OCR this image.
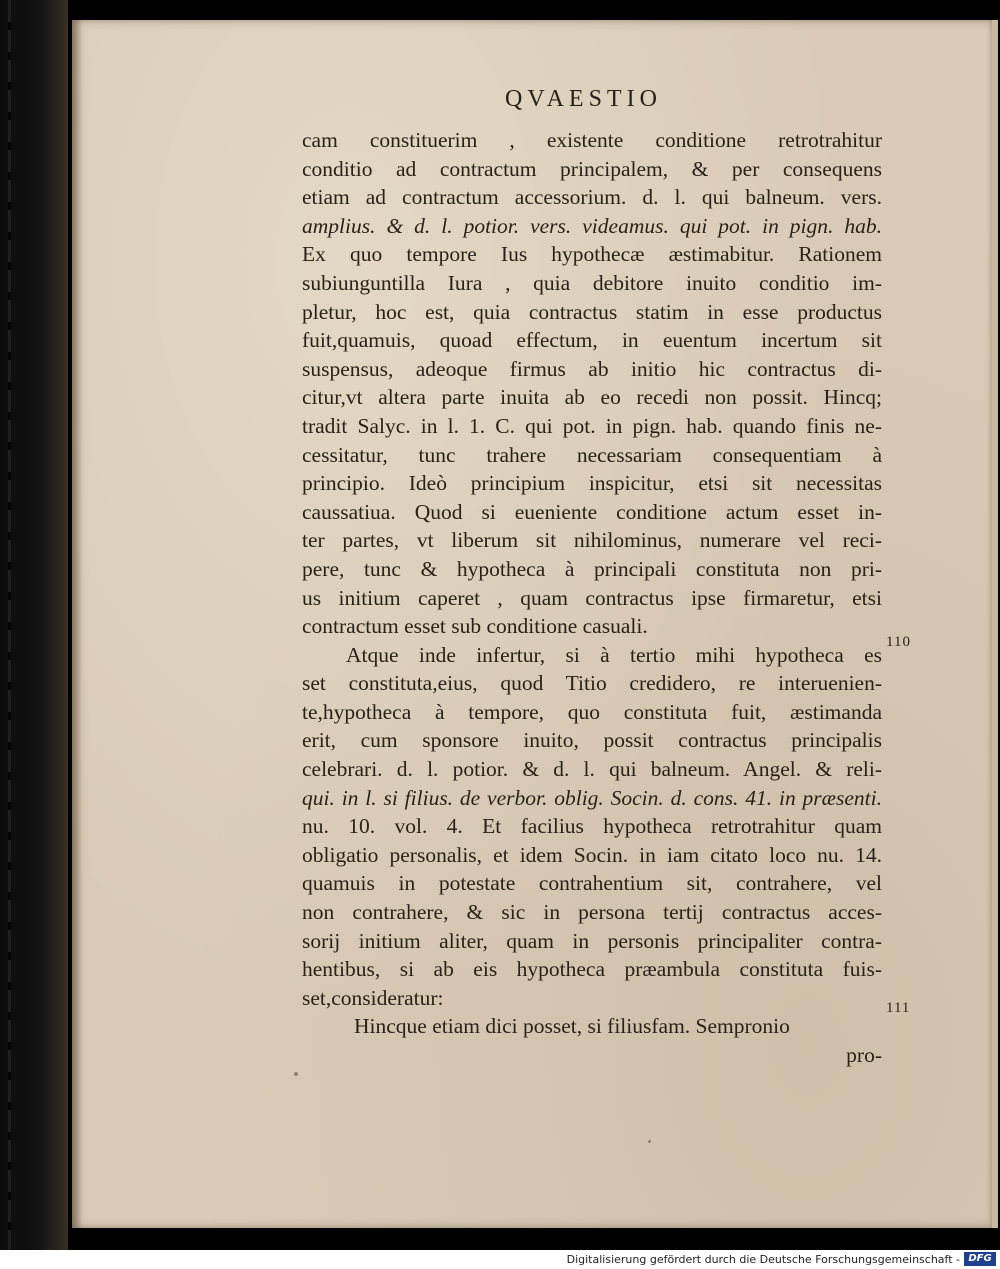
QVAESTIO
cam constituerim , existente conditione retrotrahitur
conditio ad contractum principalem, & per consequens
etiam ad contractum accessorium. d. l. qui balneum. vers.
amplius. & d. l. potior. vers. videamus. qui pot. in pign. hab.
Ex quo tempore Ius hypothecæ æstimabitur. Rationem
subiunguntilla Iura , quia debitore inuito conditio im-
pletur, hoc est, quia contractus statim in esse productus
fuit,quamuis, quoad effectum, in euentum incertum sit
suspensus, adeoque firmus ab initio hic contractus di-
citur,vt altera parte inuita ab eo recedi non possit. Hincq;
tradit Salyc. in l. 1. C. qui pot. in pign. hab. quando finis ne-
cessitatur, tunc trahere necessariam consequentiam à
principio. Ideò principium inspicitur, etsi sit necessitas
caussatiua. Quod si eueniente conditione actum esset in-
ter partes, vt liberum sit nihilominus, numerare vel reci-
pere, tunc & hypotheca à principali constituta non pri-
us initium caperet , quam contractus ipse firmaretur, etsi
contractum esset sub conditione casuali.
Atque inde infertur, si à tertio mihi hypotheca es
set constituta,eius, quod Titio credidero, re interuenien-
te,hypotheca à tempore, quo constituta fuit, æstimanda
erit, cum sponsore inuito, possit contractus principalis
celebrari. d. l. potior. & d. l. qui balneum. Angel. & reli-
qui. in l. si filius. de verbor. oblig. Socin. d. cons. 41. in præsenti.
nu. 10. vol. 4. Et facilius hypotheca retrotrahitur quam
obligatio personalis, et idem Socin. in iam citato loco nu. 14.
quamuis in potestate contrahentium sit, contrahere, vel
non contrahere, & sic in persona tertij contractus acces-
sorij initium aliter, quam in personis principaliter contra-
hentibus, si ab eis hypotheca præambula constituta fuis-
set,consideratur:
Hincque etiam dici posset, si filiusfam. Sempronio
pro-
110
111
Digitalisierung gefördert durch die Deutsche Forschungsgemeinschaft - DFG
